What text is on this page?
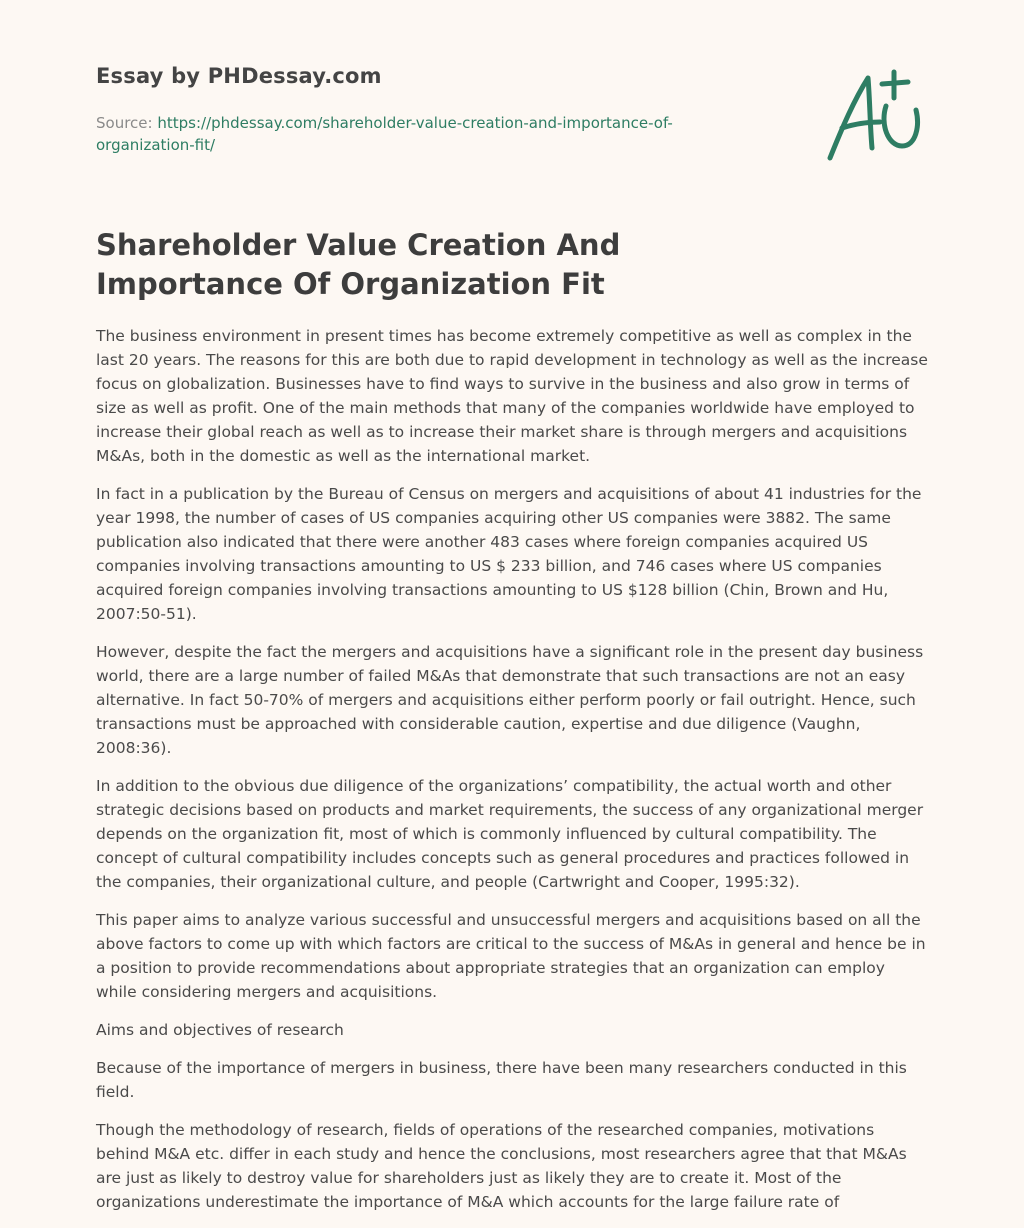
Essay by PHDessay.com
Source: https://phdessay.com/shareholder-value-creation-and-importance-of-organization-fit/
Shareholder Value Creation And Importance Of Organization Fit

The business environment in present times has become extremely competitive as well as complex in the last 20 years. The reasons for this are both due to rapid development in technology as well as the increase focus on globalization. Businesses have to find ways to survive in the business and also grow in terms of size as well as profit. One of the main methods that many of the companies worldwide have employed to increase their global reach as well as to increase their market share is through mergers and acquisitions M&As, both in the domestic as well as the international market.

In fact in a publication by the Bureau of Census on mergers and acquisitions of about 41 industries for the year 1998, the number of cases of US companies acquiring other US companies were 3882. The same publication also indicated that there were another 483 cases where foreign companies acquired US companies involving transactions amounting to US $ 233 billion, and 746 cases where US companies acquired foreign companies involving transactions amounting to US $128 billion (Chin, Brown and Hu, 2007:50-51).

However, despite the fact the mergers and acquisitions have a significant role in the present day business world, there are a large number of failed M&As that demonstrate that such transactions are not an easy alternative. In fact 50-70% of mergers and acquisitions either perform poorly or fail outright. Hence, such transactions must be approached with considerable caution, expertise and due diligence (Vaughn, 2008:36).

In addition to the obvious due diligence of the organizations’ compatibility, the actual worth and other strategic decisions based on products and market requirements, the success of any organizational merger depends on the organization fit, most of which is commonly influenced by cultural compatibility. The concept of cultural compatibility includes concepts such as general procedures and practices followed in the companies, their organizational culture, and people (Cartwright and Cooper, 1995:32).

This paper aims to analyze various successful and unsuccessful mergers and acquisitions based on all the above factors to come up with which factors are critical to the success of M&As in general and hence be in a position to provide recommendations about appropriate strategies that an organization can employ while considering mergers and acquisitions.

Aims and objectives of research

Because of the importance of mergers in business, there have been many researchers conducted in this field.

Though the methodology of research, fields of operations of the researched companies, motivations behind M&A etc. differ in each study and hence the conclusions, most researchers agree that that M&As are just as likely to destroy value for shareholders just as likely they are to create it. Most of the organizations underestimate the importance of M&A which accounts for the large failure rate of
